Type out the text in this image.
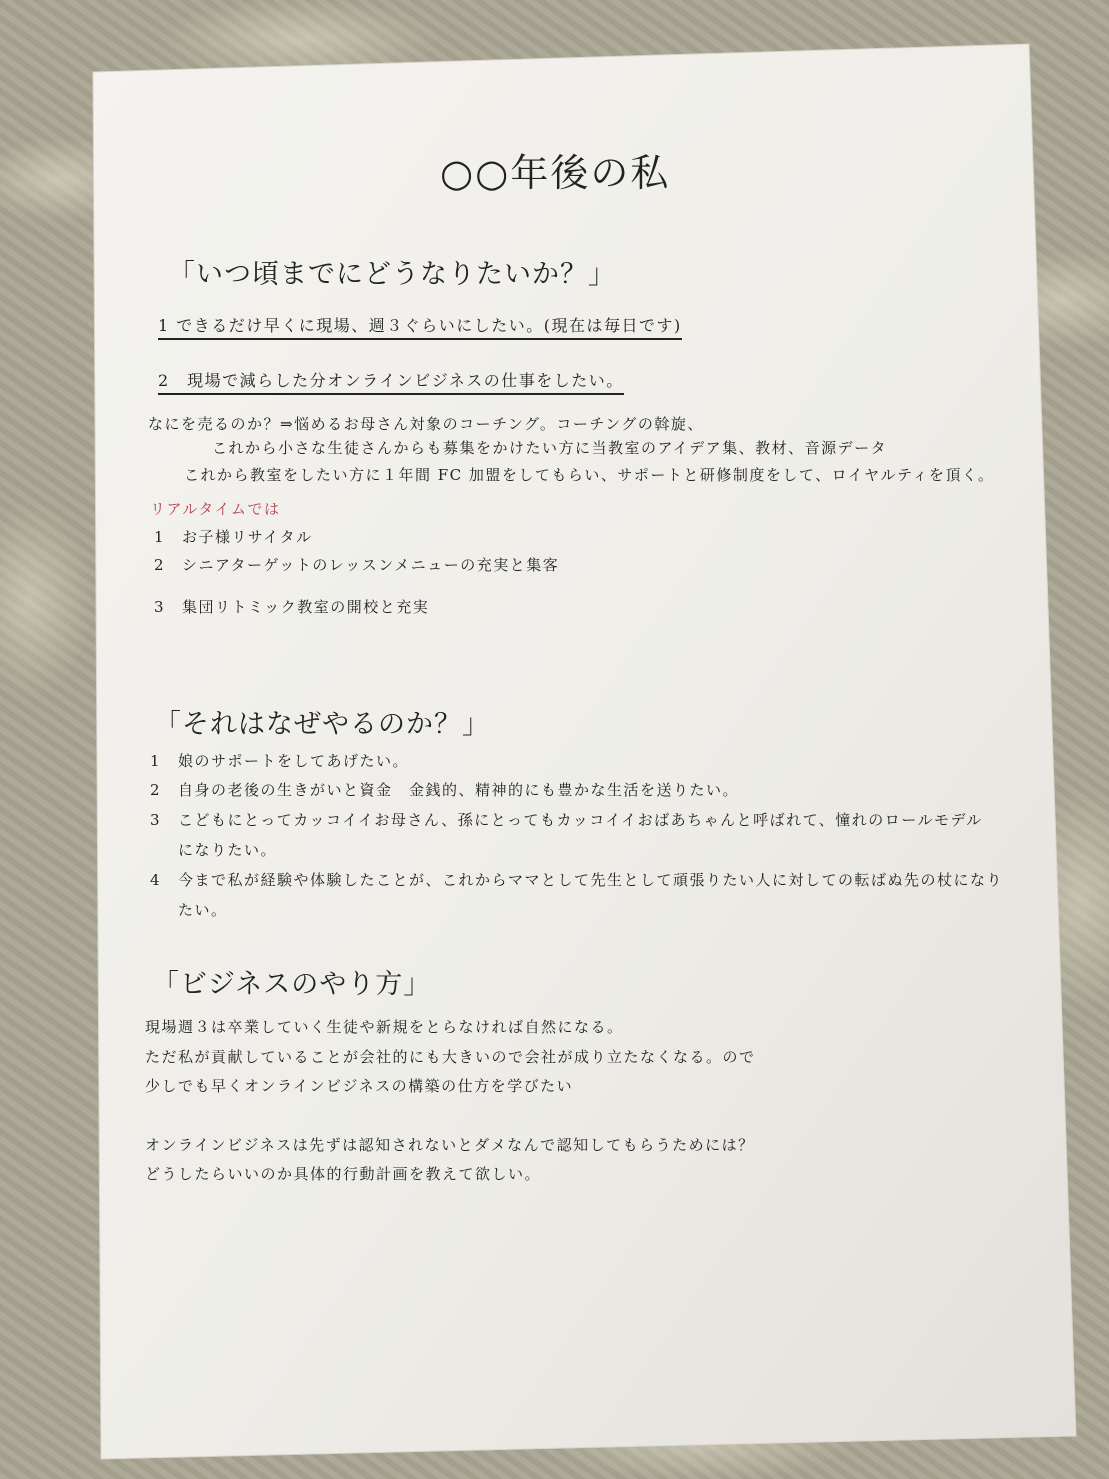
○○年後の私
「いつ頃までにどうなりたいか？」
1 できるだけ早くに現場、週３ぐらいにしたい。(現在は毎日です)
2　現場で減らした分オンラインビジネスの仕事をしたい。
なにを売るのか？⇒悩めるお母さん対象のコーチング。コーチングの斡旋、
これから小さな生徒さんからも募集をかけたい方に当教室のアイデア集、教材、音源データ
これから教室をしたい方に１年間 FC 加盟をしてもらい、サポートと研修制度をして、ロイヤルティを頂く。
リアルタイムでは
1 お子様リサイタル
2 シニアターゲットのレッスンメニューの充実と集客
3 集団リトミック教室の開校と充実
「それはなぜやるのか？」
1 娘のサポートをしてあげたい。
2 自身の老後の生きがいと資金　金銭的、精神的にも豊かな生活を送りたい。
3 こどもにとってカッコイイお母さん、孫にとってもカッコイイおばあちゃんと呼ばれて、憧れのロールモデル
になりたい。
4 今まで私が経験や体験したことが、これからママとして先生として頑張りたい人に対しての転ばぬ先の杖になり
たい。
「ビジネスのやり方」
現場週３は卒業していく生徒や新規をとらなければ自然になる。
ただ私が貢献していることが会社的にも大きいので会社が成り立たなくなる。ので
少しでも早くオンラインビジネスの構築の仕方を学びたい
オンラインビジネスは先ずは認知されないとダメなんで認知してもらうためには？
どうしたらいいのか具体的行動計画を教えて欲しい。
